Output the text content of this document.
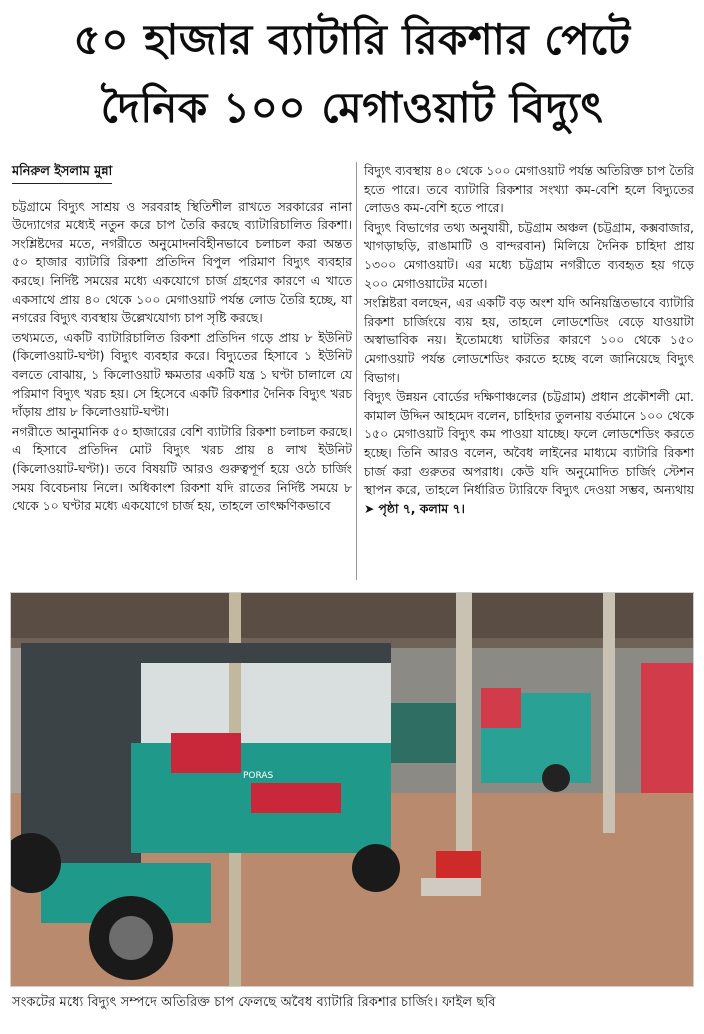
৫০ হাজার ব্যাটারি রিকশার পেটে
দৈনিক ১০০ মেগাওয়াট বিদ্যুৎ
মনিরুল ইসলাম মুন্না
চট্টগ্রামে বিদ্যুৎ সাশ্রয় ও সরবরাহ স্থিতিশীল রাখতে সরকারের নানা উদ্যোগের মধ্যেই নতুন করে চাপ তৈরি করছে ব্যাটারিচালিত রিকশা। সংশ্লিষ্টদের মতে, নগরীতে অনুমোদনবিহীনভাবে চলাচল করা অন্তত ৫০ হাজার ব্যাটারি রিকশা প্রতিদিন বিপুল পরিমাণ বিদ্যুৎ ব্যবহার করছে। নির্দিষ্ট সময়ের মধ্যে একযোগে চার্জ গ্রহণের কারণে এ খাতে একসাথে প্রায় ৪০ থেকে ১০০ মেগাওয়াট পর্যন্ত লোড তৈরি হচ্ছে, যা নগরের বিদ্যুৎ ব্যবস্থায় উল্লেখযোগ্য চাপ সৃষ্টি করছে।
তথ্যমতে, একটি ব্যাটারিচালিত রিকশা প্রতিদিন গড়ে প্রায় ৮ ইউনিট (কিলোওয়াট-ঘণ্টা) বিদ্যুৎ ব্যবহার করে। বিদ্যুতের হিসাবে ১ ইউনিট বলতে বোঝায়, ১ কিলোওয়াট ক্ষমতার একটি যন্ত্র ১ ঘণ্টা চালালে যে পরিমাণ বিদ্যুৎ খরচ হয়। সে হিসেবে একটি রিকশার দৈনিক বিদ্যুৎ খরচ দাঁড়ায় প্রায় ৮ কিলোওয়াট-ঘণ্টা।
নগরীতে আনুমানিক ৫০ হাজারের বেশি ব্যাটারি রিকশা চলাচল করছে। এ হিসাবে প্রতিদিন মোট বিদ্যুৎ খরচ প্রায় ৪ লাখ ইউনিট (কিলোওয়াট-ঘণ্টা)। তবে বিষয়টি আরও গুরুত্বপূর্ণ হয়ে ওঠে চার্জিং সময় বিবেচনায় নিলে। অধিকাংশ রিকশা যদি রাতের নির্দিষ্ট সময়ে ৮ থেকে ১০ ঘণ্টার মধ্যে একযোগে চার্জ হয়, তাহলে তাৎক্ষণিকভাবে
বিদ্যুৎ ব্যবস্থায় ৪০ থেকে ১০০ মেগাওয়াট পর্যন্ত অতিরিক্ত চাপ তৈরি হতে পারে। তবে ব্যাটারি রিকশার সংখ্যা কম-বেশি হলে বিদ্যুতের লোডও কম-বেশি হতে পারে।
বিদ্যুৎ বিভাগের তথ্য অনুযায়ী, চট্টগ্রাম অঞ্চল (চট্টগ্রাম, কক্সবাজার, খাগড়াছড়ি, রাঙামাটি ও বান্দরবান) মিলিয়ে দৈনিক চাহিদা প্রায় ১৩০০ মেগাওয়াট। এর মধ্যে চট্টগ্রাম নগরীতে ব্যবহৃত হয় গড়ে ২০০ মেগাওয়াটের মতো।
সংশ্লিষ্টরা বলছেন, এর একটি বড় অংশ যদি অনিয়ন্ত্রিতভাবে ব্যাটারি রিকশা চার্জিংয়ে ব্যয় হয়, তাহলে লোডশেডিং বেড়ে যাওয়াটা অস্বাভাবিক নয়। ইতোমধ্যে ঘাটতির কারণে ১০০ থেকে ১৫০ মেগাওয়াট পর্যন্ত লোডশেডিং করতে হচ্ছে বলে জানিয়েছে বিদ্যুৎ বিভাগ।
বিদ্যুৎ উন্নয়ন বোর্ডের দক্ষিণাঞ্চলের (চট্টগ্রাম) প্রধান প্রকৌশলী মো. কামাল উদ্দিন আহমেদ বলেন, চাহিদার তুলনায় বর্তমানে ১০০ থেকে ১৫০ মেগাওয়াট বিদ্যুৎ কম পাওয়া যাচ্ছে। ফলে লোডশেডিং করতে হচ্ছে। তিনি আরও বলেন, অবৈধ লাইনের মাধ্যমে ব্যাটারি রিকশা চার্জ করা গুরুতর অপরাধ। কেউ যদি অনুমোদিত চার্জিং স্টেশন স্থাপন করে, তাহলে নির্ধারিত ট্যারিফে বিদ্যুৎ দেওয়া সম্ভব, অন্যথায় ➤ পৃষ্ঠা ৭, কলাম ৭।
PORAS
সংকটের মধ্যে বিদ্যুৎ সম্পদে অতিরিক্ত চাপ ফেলছে অবৈধ ব্যাটারি রিকশার চার্জিং। ফাইল ছবি
